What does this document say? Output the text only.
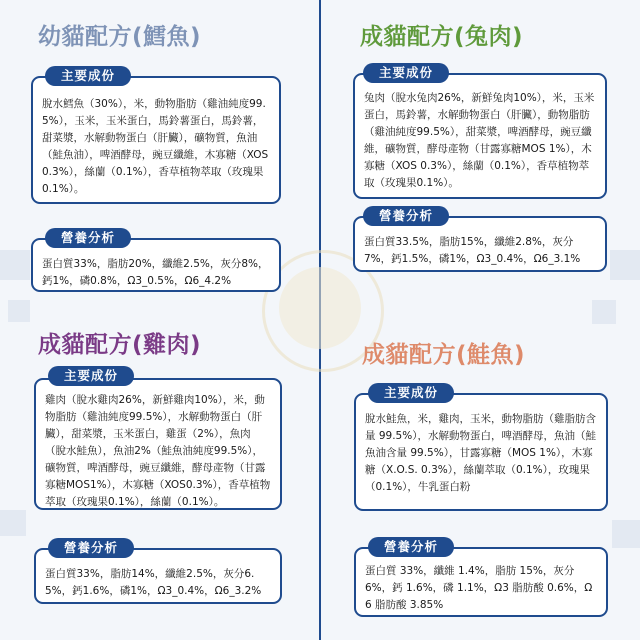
幼貓配方(鱈魚)
脫水鱈魚（30%），米，動物脂肪（雞油純度99.5%），玉米，玉米蛋白，馬鈴薯蛋白，馬鈴薯，甜菜漿，水解動物蛋白（肝臟），礦物質，魚油（鮭魚油），啤酒酵母，豌豆纖維，木寡糖（XOS 0.3%），絲蘭（0.1%），香草植物萃取（玫瑰果 0.1%）。
主要成份
蛋白質33%，脂肪20%，纖維2.5%，灰分8%，鈣1%，磷0.8%，Ω3_0.5%，Ω6_4.2%
營養分析
成貓配方(兔肉)
兔肉（脫水兔肉26%，新鮮兔肉10%），米，玉米蛋白，馬鈴薯，水解動物蛋白（肝臟），動物脂肪（雞油純度99.5%），甜菜漿，啤酒酵母，豌豆纖維，礦物質，酵母產物（甘露寡糖MOS 1%），木寡糖（XOS 0.3%），絲蘭（0.1%），香草植物萃取（玫瑰果0.1%）。
主要成份
蛋白質33.5%，脂肪15%，纖維2.8%，灰分7%，鈣1.5%，磷1%，Ω3_0.4%，Ω6_3.1%
營養分析
成貓配方(雞肉)
雞肉（脫水雞肉26%，新鮮雞肉10%），米，動物脂肪（雞油純度99.5%），水解動物蛋白（肝臟），甜菜漿，玉米蛋白，雞蛋（2%），魚肉（脫水鮭魚），魚油2%（鮭魚油純度99.5%），礦物質，啤酒酵母，豌豆纖維，酵母產物（甘露寡糖MOS1%），木寡糖（XOS0.3%），香草植物萃取（玫瑰果0.1%），絲蘭（0.1%）。
主要成份
蛋白質33%，脂肪14%，纖維2.5%，灰分6.5%，鈣1.6%，磷1%，Ω3_0.4%，Ω6_3.2%
營養分析
成貓配方(鮭魚)
脫水鮭魚，米，雞肉，玉米，動物脂肪（雞脂肪含量 99.5%），水解動物蛋白，啤酒酵母，魚油（鮭魚油含量 99.5%），甘露寡糖（MOS 1%），木寡糖（X.O.S. 0.3%），絲蘭萃取（0.1%），玫瑰果（0.1%），牛乳蛋白粉
主要成份
蛋白質 33%，纖維 1.4%，脂肪 15%，灰分 6%，鈣 1.6%，磷 1.1%，Ω3 脂肪酸 0.6%，Ω6 脂肪酸 3.85%
營養分析
